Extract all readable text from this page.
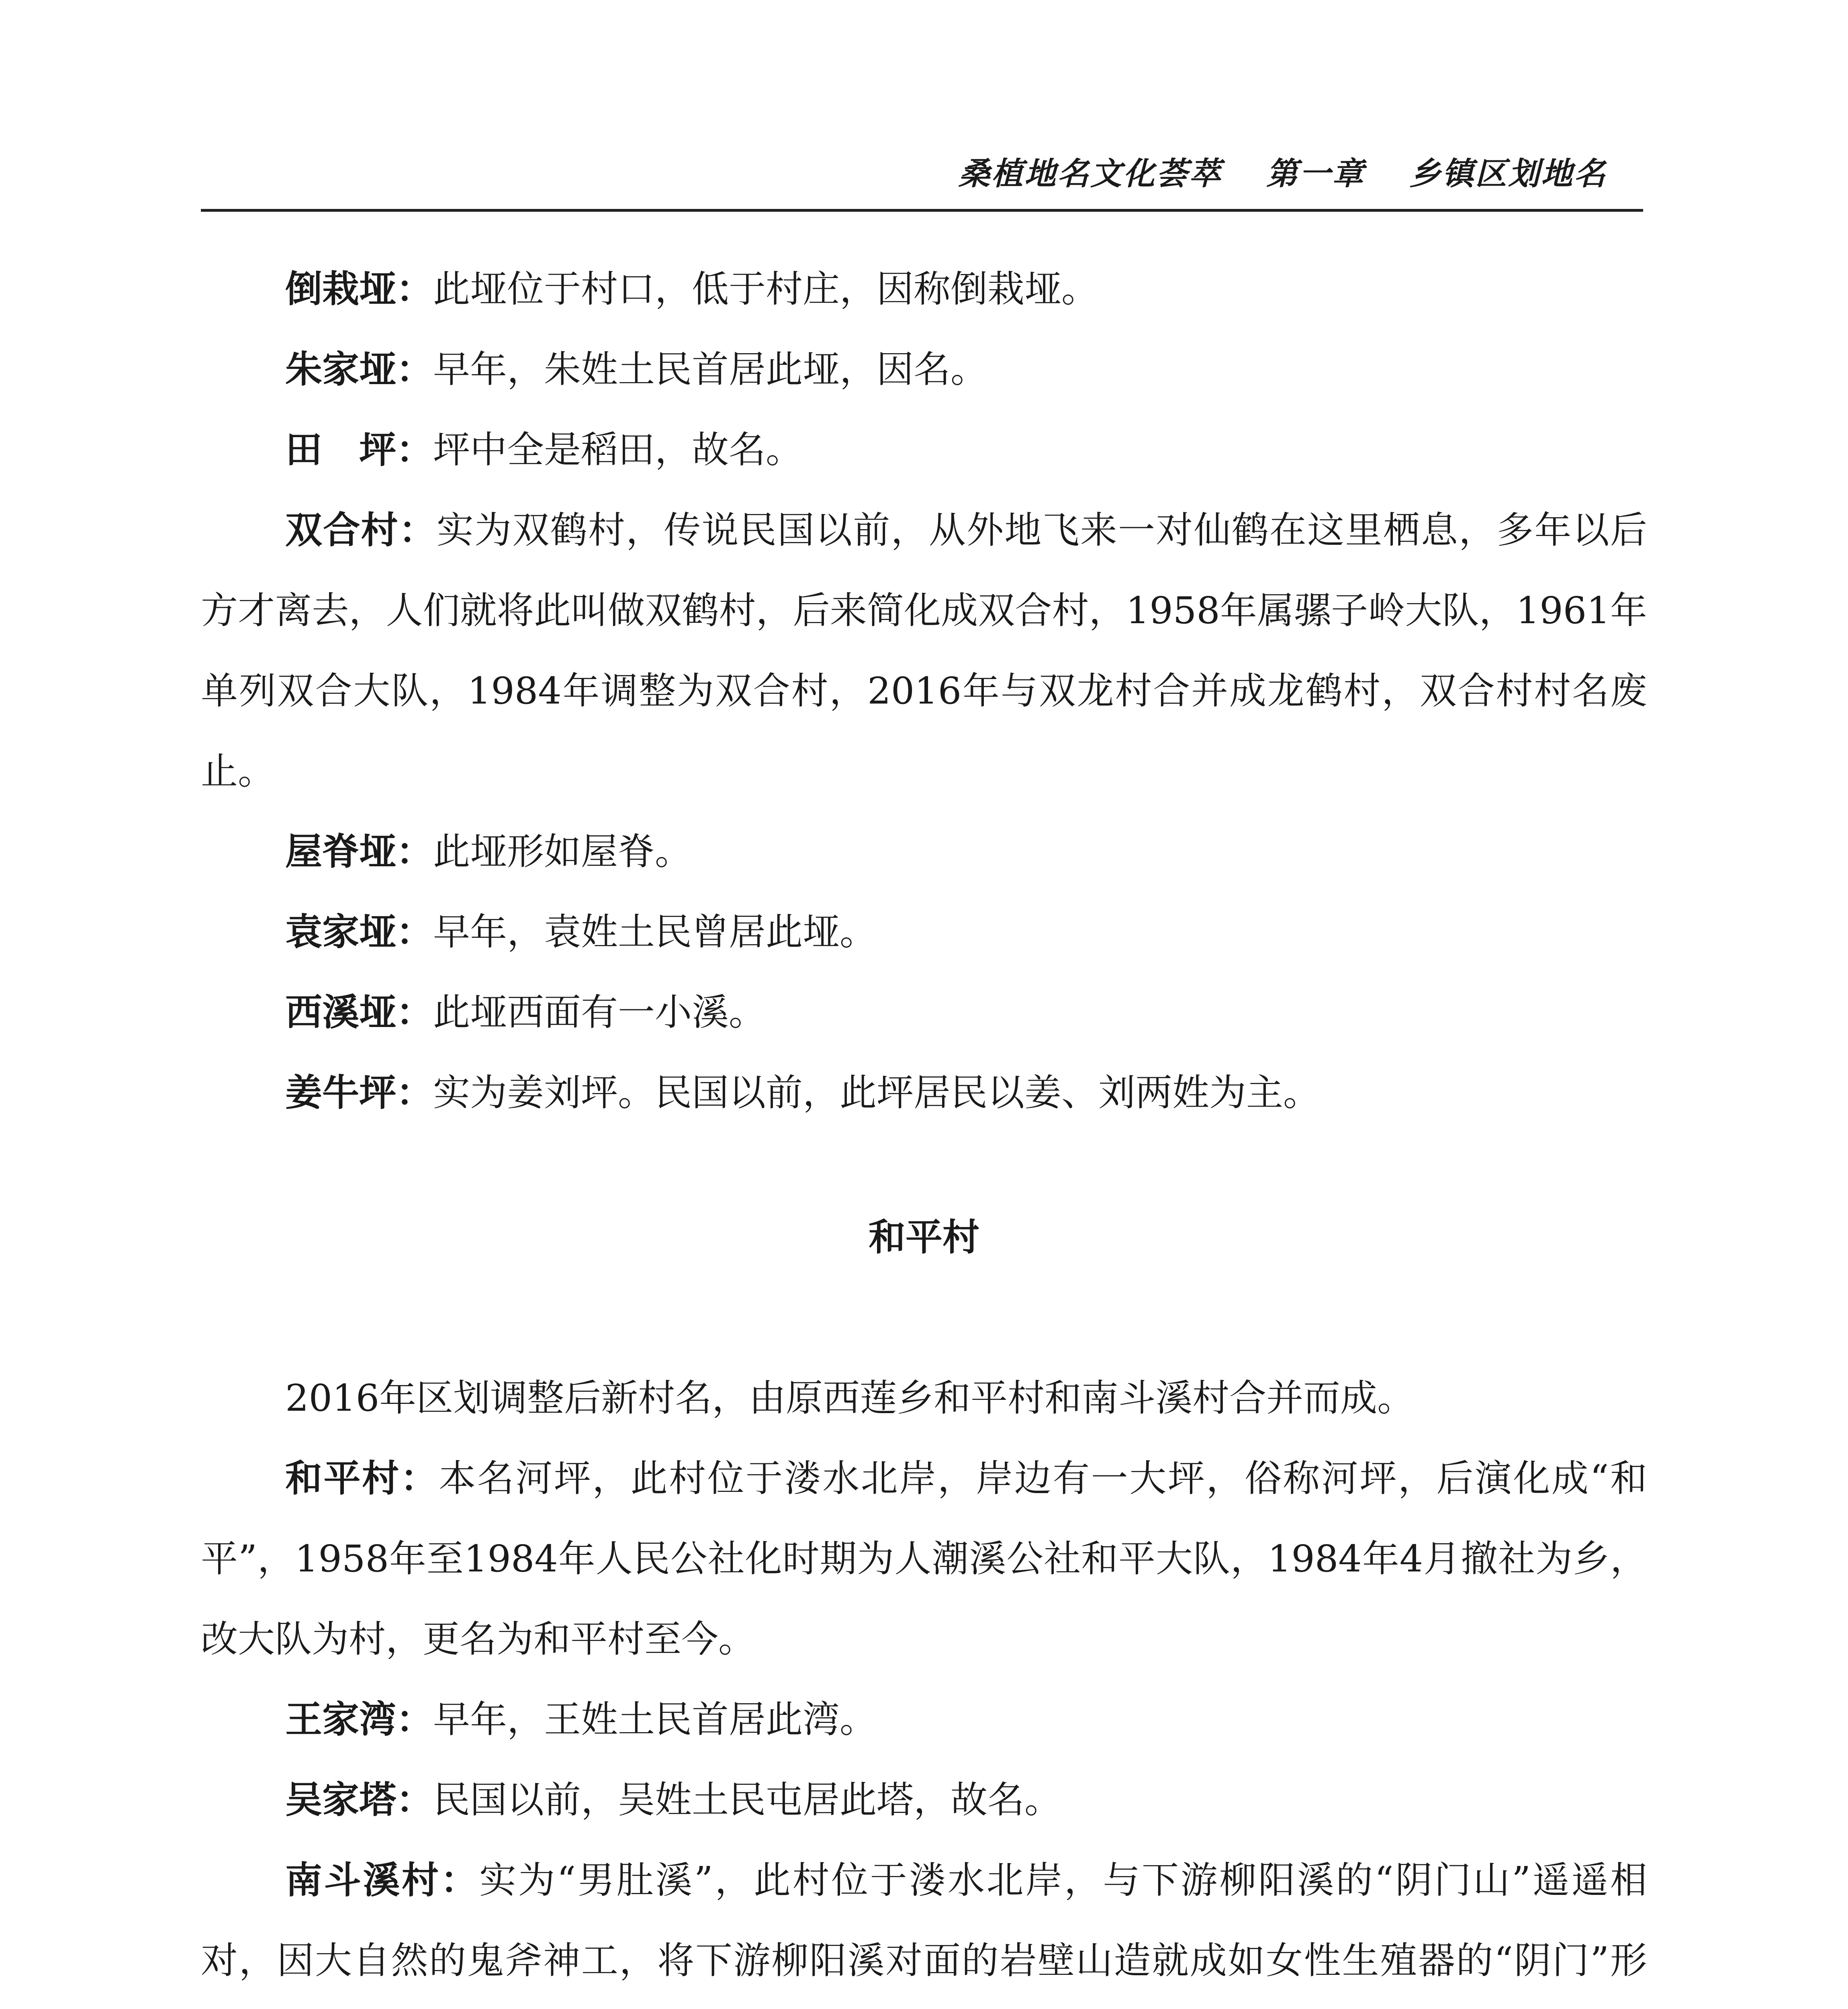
桑植地名文化荟萃 第一章 乡镇区划地名

倒栽垭：此垭位于村口，低于村庄，因称倒栽垭。

朱家垭：早年，朱姓土民首居此垭，因名。

田　坪：坪中全是稻田，故名。

双合村：实为双鹤村，传说民国以前，从外地飞来一对仙鹤在这里栖息，多年以后方才离去，人们就将此叫做双鹤村，后来简化成双合村，1958年属骡子岭大队，1961年单列双合大队，1984年调整为双合村，2016年与双龙村合并成龙鹤村，双合村村名废止。

屋脊垭：此垭形如屋脊。

袁家垭：早年，袁姓土民曾居此垭。

西溪垭：此垭西面有一小溪。

姜牛坪：实为姜刘坪。民国以前，此坪居民以姜、刘两姓为主。

和平村

2016年区划调整后新村名，由原西莲乡和平村和南斗溪村合并而成。

和平村：本名河坪，此村位于溇水北岸，岸边有一大坪，俗称河坪，后演化成“和平”，1958年至1984年人民公社化时期为人潮溪公社和平大队，1984年4月撤社为乡，改大队为村，更名为和平村至今。

王家湾：早年，王姓土民首居此湾。

吴家塔：民国以前，吴姓土民屯居此塔，故名。

南斗溪村：实为“男肚溪”，此村位于溇水北岸，与下游柳阳溪的“阴门山”遥遥相对，因大自然的鬼斧神工，将下游柳阳溪对面的岩壁山造就成如女性生殖器的“阴门”形
